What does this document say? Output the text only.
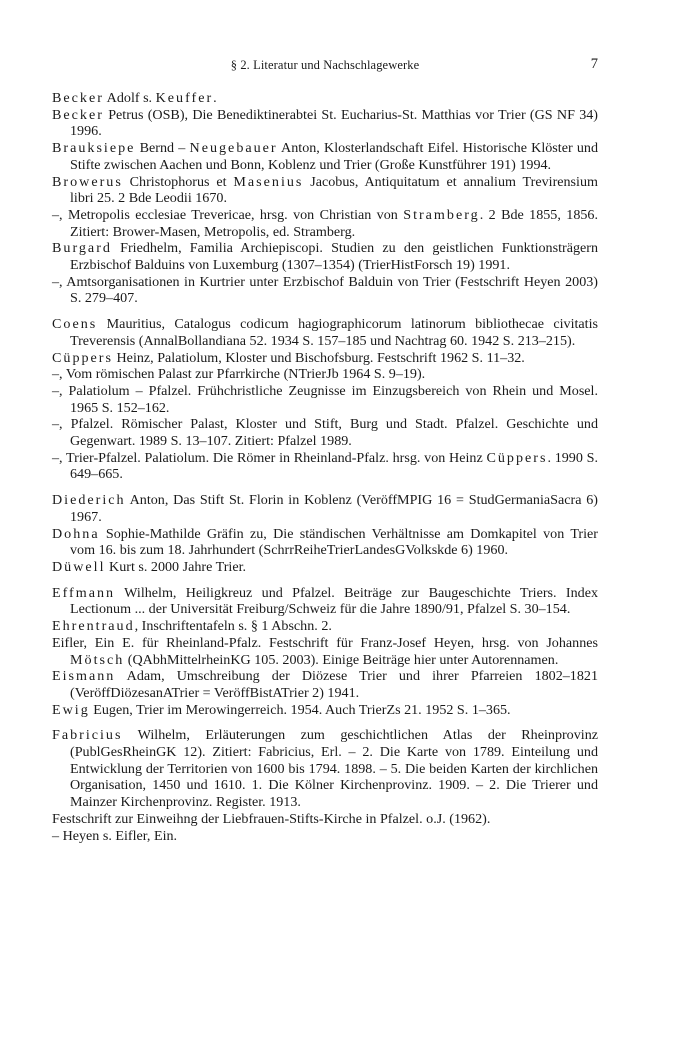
§ 2. Literatur und Nachschlagewerke	7
Becker Adolf s. Keuffer.
Becker Petrus (OSB), Die Benediktinerabtei St. Eucharius-St. Matthias vor Trier (GS NF 34) 1996.
Brauksiepe Bernd – Neugebauer Anton, Klosterlandschaft Eifel. Historische Klöster und Stifte zwischen Aachen und Bonn, Koblenz und Trier (Große Kunstführer 191) 1994.
Browerus Christophorus et Masenius Jacobus, Antiquitatum et annalium Trevirensium libri 25. 2 Bde Leodii 1670.
–, Metropolis ecclesiae Trevericae, hrsg. von Christian von Stramberg. 2 Bde 1855, 1856. Zitiert: Brower-Masen, Metropolis, ed. Stramberg.
Burgard Friedhelm, Familia Archiepiscopi. Studien zu den geistlichen Funktionsträgern Erzbischof Balduins von Luxemburg (1307–1354) (TrierHistForsch 19) 1991.
–, Amtsorganisationen in Kurtrier unter Erzbischof Balduin von Trier (Festschrift Heyen 2003) S. 279–407.
Coens Mauritius, Catalogus codicum hagiographicorum latinorum bibliothecae civitatis Treverensis (AnnalBollandiana 52. 1934 S. 157–185 und Nachtrag 60. 1942 S. 213–215).
Cüppers Heinz, Palatiolum, Kloster und Bischofsburg. Festschrift 1962 S. 11–32.
–, Vom römischen Palast zur Pfarrkirche (NTrierJb 1964 S. 9–19).
–, Palatiolum – Pfalzel. Frühchristliche Zeugnisse im Einzugsbereich von Rhein und Mosel. 1965 S. 152–162.
–, Pfalzel. Römischer Palast, Kloster und Stift, Burg und Stadt. Pfalzel. Geschichte und Gegenwart. 1989 S. 13–107. Zitiert: Pfalzel 1989.
–, Trier-Pfalzel. Palatiolum. Die Römer in Rheinland-Pfalz. hrsg. von Heinz Cüppers. 1990 S. 649–665.
Diederich Anton, Das Stift St. Florin in Koblenz (VeröffMPIG 16 = StudGermaniaSacra 6) 1967.
Dohna Sophie-Mathilde Gräfin zu, Die ständischen Verhältnisse am Domkapitel von Trier vom 16. bis zum 18. Jahrhundert (SchrrReiheTrierLandesGVolkskde 6) 1960.
Düwell Kurt s. 2000 Jahre Trier.
Effmann Wilhelm, Heiligkreuz und Pfalzel. Beiträge zur Baugeschichte Triers. Index Lectionum ... der Universität Freiburg/Schweiz für die Jahre 1890/91, Pfalzel S. 30–154.
Ehrentraud, Inschriftentafeln s. § 1 Abschn. 2.
Eifler, Ein E. für Rheinland-Pfalz. Festschrift für Franz-Josef Heyen, hrsg. von Johannes Mötsch (QAbhMittelrheinKG 105. 2003). Einige Beiträge hier unter Autorennamen.
Eismann Adam, Umschreibung der Diözese Trier und ihrer Pfarreien 1802–1821 (VeröffDiözesanATrier = VeröffBistATrier 2) 1941.
Ewig Eugen, Trier im Merowingerreich. 1954. Auch TrierZs 21. 1952 S. 1–365.
Fabricius Wilhelm, Erläuterungen zum geschichtlichen Atlas der Rheinprovinz (PublGesRheinGK 12). Zitiert: Fabricius, Erl. – 2. Die Karte von 1789. Einteilung und Entwicklung der Territorien von 1600 bis 1794. 1898. – 5. Die beiden Karten der kirchlichen Organisation, 1450 und 1610. 1. Die Kölner Kirchenprovinz. 1909. – 2. Die Trierer und Mainzer Kirchenprovinz. Register. 1913.
Festschrift zur Einweihng der Liebfrauen-Stifts-Kirche in Pfalzel. o.J. (1962).
– Heyen s. Eifler, Ein.
